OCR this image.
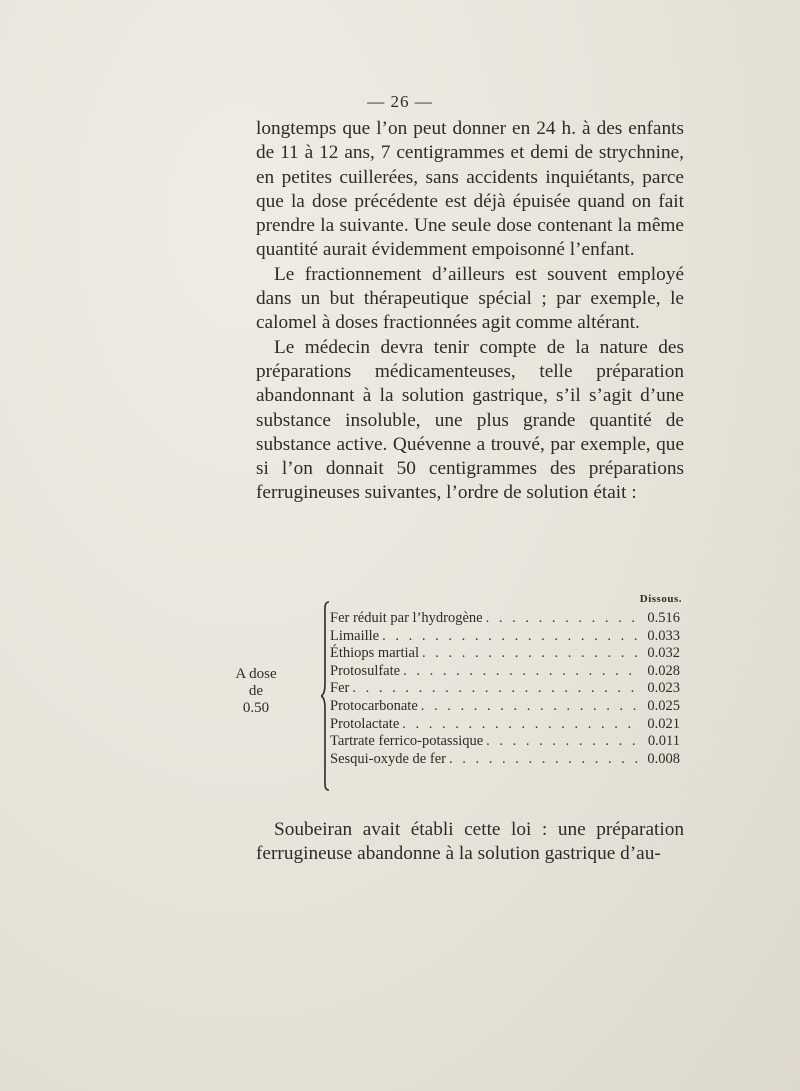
— 26 —

longtemps que l’on peut donner en 24 h. à des enfants de 11 à 12 ans, 7 centigrammes et demi de strychnine, en petites cuillerées, sans accidents inquiétants, parce que la dose précédente est déjà épuisée quand on fait prendre la suivante. Une seule dose contenant la même quantité aurait évidemment empoisonné l’enfant.

Le fractionnement d’ailleurs est souvent employé dans un but thérapeutique spécial ; par exemple, le calomel à doses fractionnées agit comme altérant.

Le médecin devra tenir compte de la nature des préparations médicamenteuses, telle préparation abandonnant à la solution gastrique, s’il s’agit d’une substance insoluble, une plus grande quantité de substance active. Quévenne a trouvé, par exemple, que si l’on donnait 50 centigrammes des préparations ferrugineuses suivantes, l’ordre de solution était :

Dissous.
A dose
de
0.50
Fer réduit par l’hydrogène . . .	0.516
Limaille . . .	0.033
Éthiops martial . . .	0.032
Protosulfate . . .	0.028
Fer . . .	0.023
Protocarbonate . . .	0.025
Protolactate . . .	0.021
Tartrate ferrico-potassique . . .	0.011
Sesqui-oxyde de fer . . .	0.008

Soubeiran avait établi cette loi : une préparation ferrugineuse abandonne à la solution gastrique d’au-
